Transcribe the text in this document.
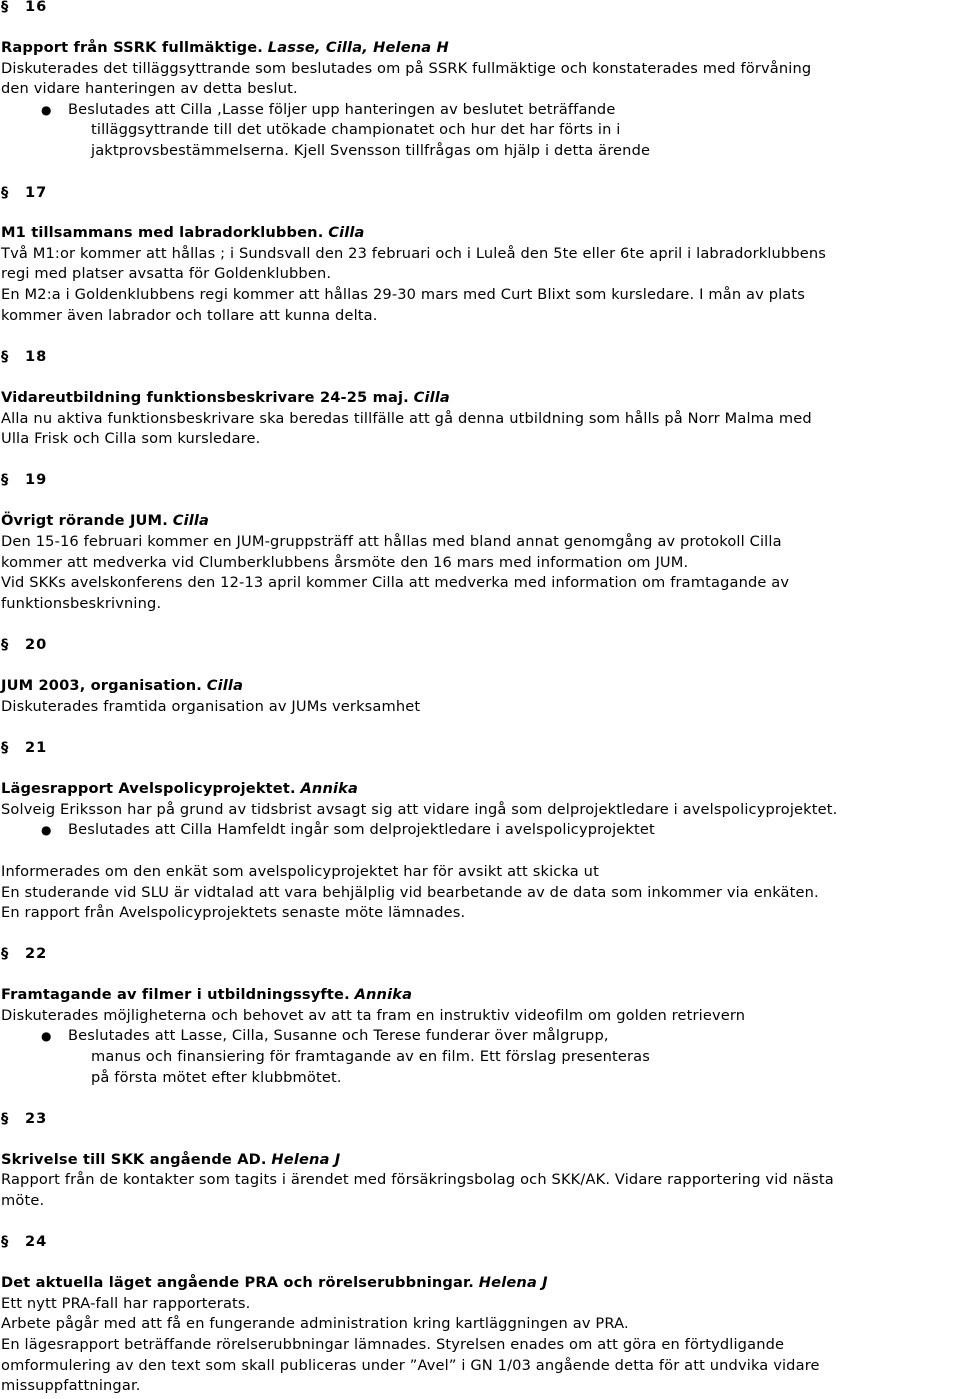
§ 16
Rapport från SSRK fullmäktige. Lasse, Cilla, Helena H
Diskuterades det tilläggsyttrande som beslutades om på SSRK fullmäktige och konstaterades med förvåning
den vidare hanteringen av detta beslut.
● Beslutades att Cilla ,Lasse följer upp hanteringen av beslutet beträffande
tilläggsyttrande till det utökade championatet och hur det har förts in i
jaktprovsbestämmelserna. Kjell Svensson tillfrågas om hjälp i detta ärende
§ 17
M1 tillsammans med labradorklubben. Cilla
Två M1:or kommer att hållas ; i Sundsvall den 23 februari och i Luleå den 5te eller 6te april i labradorklubbens
regi med platser avsatta för Goldenklubben.
En M2:a i Goldenklubbens regi kommer att hållas 29-30 mars med Curt Blixt som kursledare. I mån av plats
kommer även labrador och tollare att kunna delta.
§ 18
Vidareutbildning funktionsbeskrivare 24-25 maj. Cilla
Alla nu aktiva funktionsbeskrivare ska beredas tillfälle att gå denna utbildning som hålls på Norr Malma med
Ulla Frisk och Cilla som kursledare.
§ 19
Övrigt rörande JUM. Cilla
Den 15-16 februari kommer en JUM-gruppsträff att hållas med bland annat genomgång av protokoll Cilla
kommer att medverka vid Clumberklubbens årsmöte den 16 mars med information om JUM.
Vid SKKs avelskonferens den 12-13 april kommer Cilla att medverka med information om framtagande av
funktionsbeskrivning.
§ 20
JUM 2003, organisation. Cilla
Diskuterades framtida organisation av JUMs verksamhet
§ 21
Lägesrapport Avelspolicyprojektet. Annika
Solveig Eriksson har på grund av tidsbrist avsagt sig att vidare ingå som delprojektledare i avelspolicyprojektet.
● Beslutades att Cilla Hamfeldt ingår som delprojektledare i avelspolicyprojektet
Informerades om den enkät som avelspolicyprojektet har för avsikt att skicka ut
En studerande vid SLU är vidtalad att vara behjälplig vid bearbetande av de data som inkommer via enkäten.
En rapport från Avelspolicyprojektets senaste möte lämnades.
§ 22
Framtagande av filmer i utbildningssyfte. Annika
Diskuterades möjligheterna och behovet av att ta fram en instruktiv videofilm om golden retrievern
● Beslutades att Lasse, Cilla, Susanne och Terese funderar över målgrupp,
manus och finansiering för framtagande av en film. Ett förslag presenteras
på första mötet efter klubbmötet.
§ 23
Skrivelse till SKK angående AD. Helena J
Rapport från de kontakter som tagits i ärendet med försäkringsbolag och SKK/AK. Vidare rapportering vid nästa
möte.
§ 24
Det aktuella läget angående PRA och rörelserubbningar. Helena J
Ett nytt PRA-fall har rapporterats.
Arbete pågår med att få en fungerande administration kring kartläggningen av PRA.
En lägesrapport beträffande rörelserubbningar lämnades. Styrelsen enades om att göra en förtydligande
omformulering av den text som skall publiceras under ”Avel” i GN 1/03 angående detta för att undvika vidare
missuppfattningar.
